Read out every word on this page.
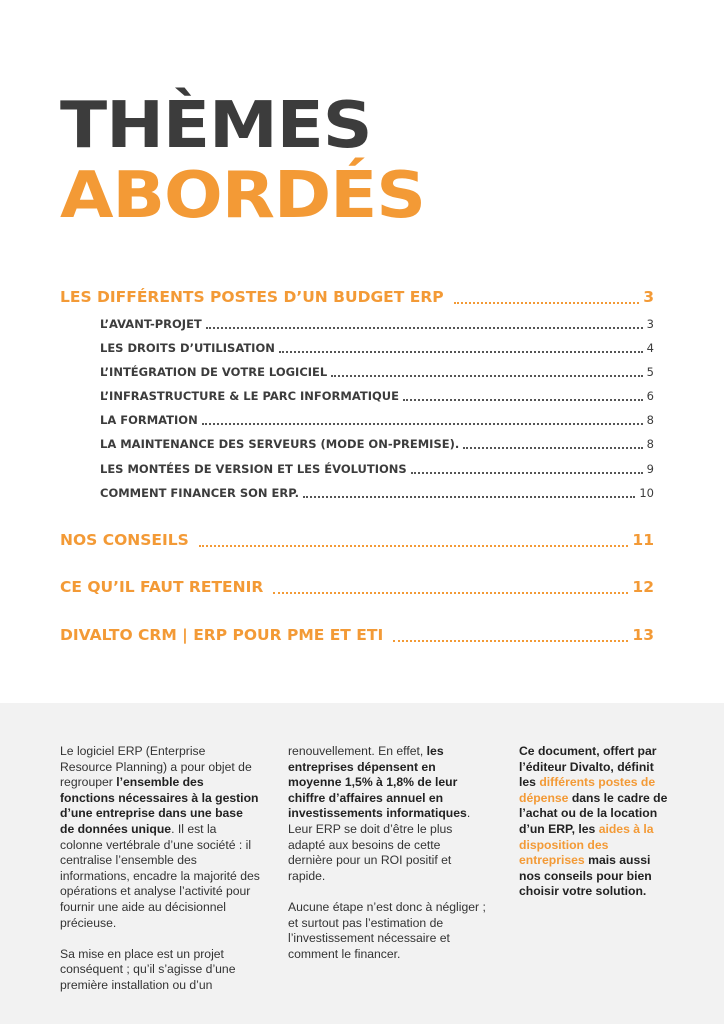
THÈMES
ABORDÉS
LES DIFFÉRENTS POSTES D’UN BUDGET ERP	3
L’AVANT-PROJET	3
LES DROITS D’UTILISATION	4
L’INTÉGRATION DE VOTRE LOGICIEL	5
L’INFRASTRUCTURE & LE PARC INFORMATIQUE	6
LA FORMATION	8
LA MAINTENANCE DES SERVEURS (MODE ON-PREMISE).	8
LES MONTÉES DE VERSION ET LES ÉVOLUTIONS	9
COMMENT FINANCER SON ERP.	10
NOS CONSEILS	11
CE QU’IL FAUT RETENIR	12
DIVALTO CRM | ERP POUR PME ET ETI	13

Le logiciel ERP (Enterprise Resource Planning) a pour objet de regrouper l’ensemble des fonctions nécessaires à la gestion d’une entreprise dans une base de données unique. Il est la colonne vertébrale d’une société : il centralise l’ensemble des informations, encadre la majorité des opérations et analyse l’activité pour fournir une aide au décisionnel précieuse.

Sa mise en place est un projet conséquent ; qu’il s’agisse d’une première installation ou d’un

renouvellement. En effet, les entreprises dépensent en moyenne 1,5% à 1,8% de leur chiffre d’affaires annuel en investissements informatiques. Leur ERP se doit d’être le plus adapté aux besoins de cette dernière pour un ROI positif et rapide.

Aucune étape n’est donc à négliger ; et surtout pas l’estimation de l’investissement nécessaire et comment le financer.

Ce document, offert par l’éditeur Divalto, définit les différents postes de dépense dans le cadre de l’achat ou de la location d’un ERP, les aides à la disposition des entreprises mais aussi nos conseils pour bien choisir votre solution.
